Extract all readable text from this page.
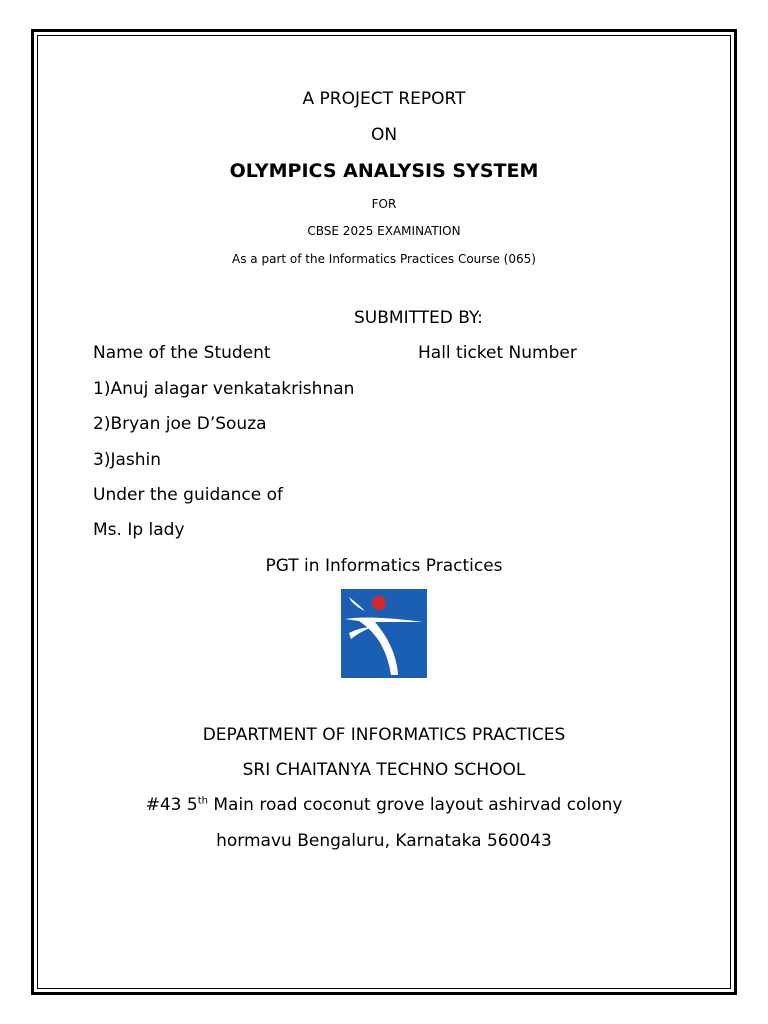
A PROJECT REPORT
ON
OLYMPICS ANALYSIS SYSTEM
FOR
CBSE 2025 EXAMINATION
As a part of the Informatics Practices Course (065)
SUBMITTED BY:
Name of the Student	Hall ticket Number
1)Anuj alagar venkatakrishnan
2)Bryan joe D’Souza
3)Jashin
Under the guidance of
Ms. Ip lady
PGT in Informatics Practices
DEPARTMENT OF INFORMATICS PRACTICES
SRI CHAITANYA TECHNO SCHOOL
#43 5th Main road coconut grove layout ashirvad colony
hormavu Bengaluru, Karnataka 560043
